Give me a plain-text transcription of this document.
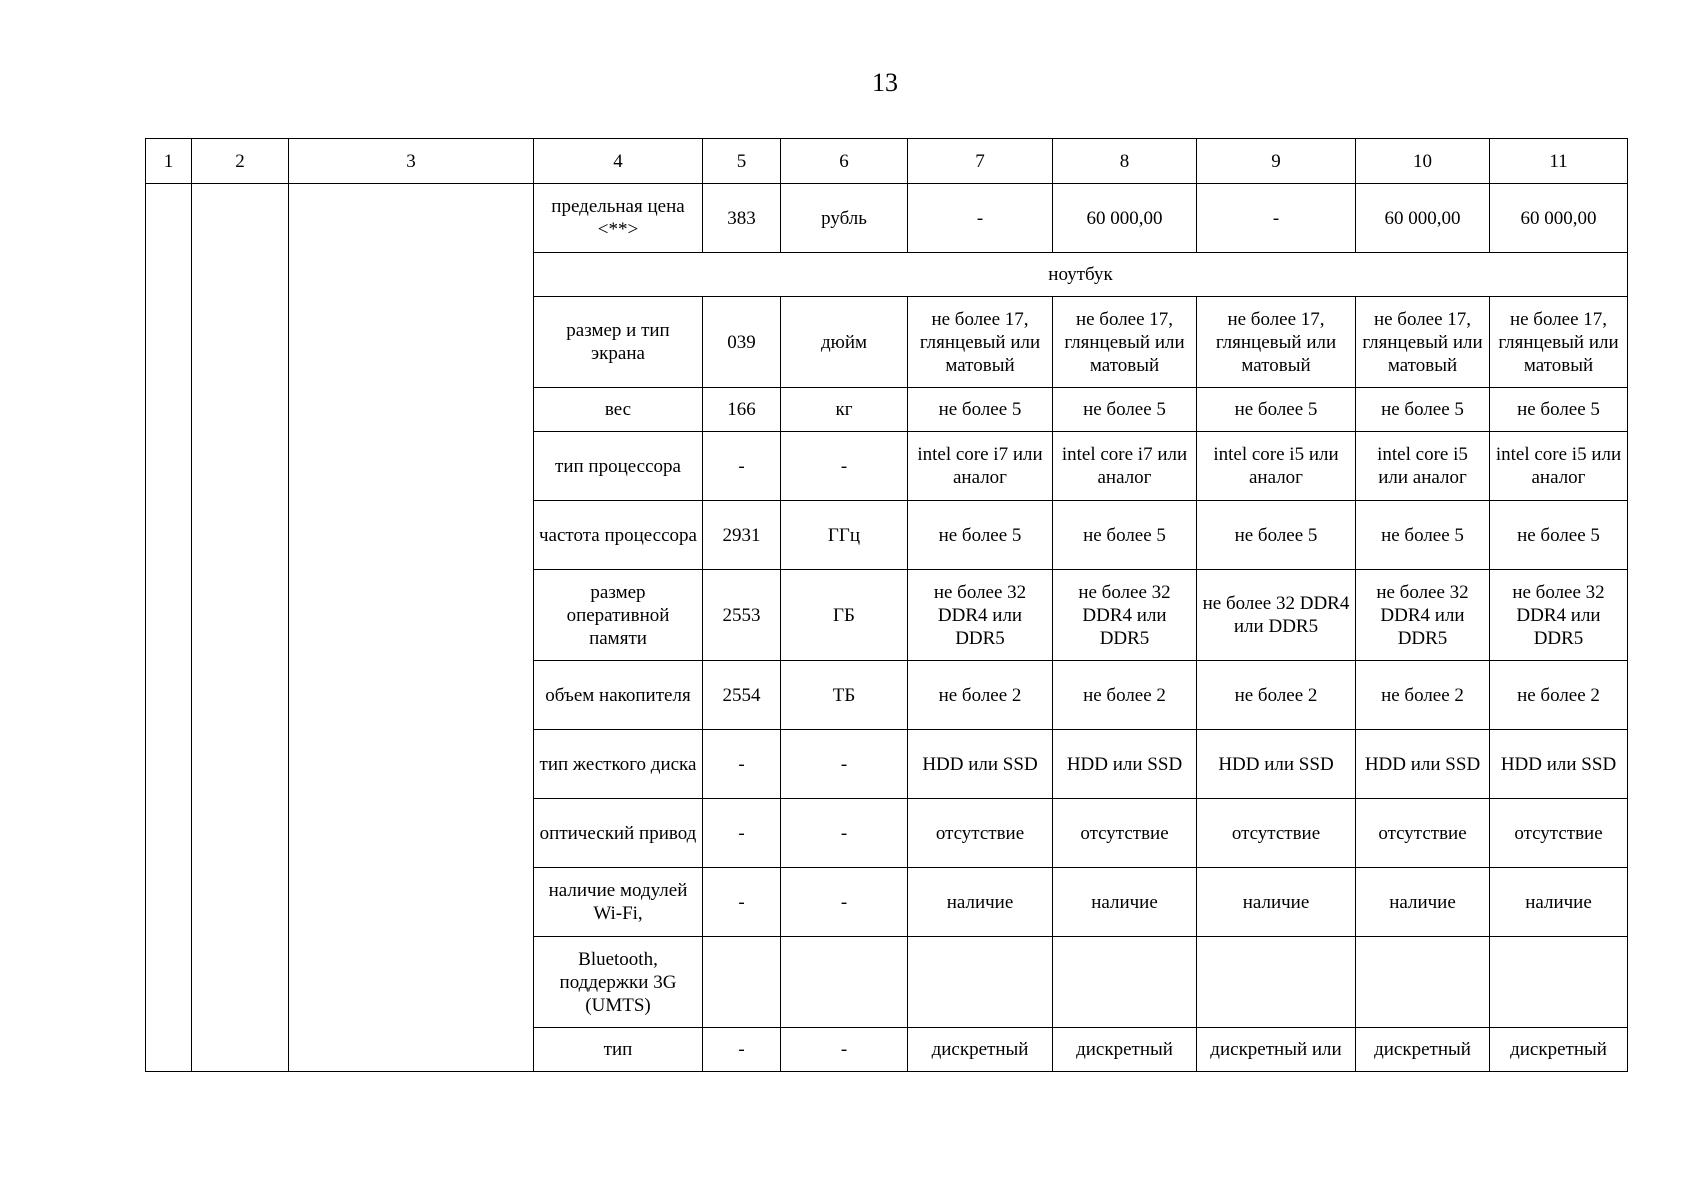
13
1	2	3	4	5	6	7	8	9	10	11
			предельная цена <**>	383	рубль	-	60 000,00	-	60 000,00	60 000,00
			ноутбук							
			размер и тип экрана	039	дюйм	не более 17, глянцевый или матовый	не более 17, глянцевый или матовый	не более 17, глянцевый или матовый	не более 17, глянцевый или матовый	не более 17, глянцевый или матовый
			вес	166	кг	не более 5	не более 5	не более 5	не более 5	не более 5
			тип процессора	-	-	intel core i7 или аналог	intel core i7 или аналог	intel core i5 или аналог	intel core i5 или аналог	intel core i5 или аналог
			частота процессора	2931	ГГц	не более 5	не более 5	не более 5	не более 5	не более 5
			размер оперативной памяти	2553	ГБ	не более 32 DDR4 или DDR5	не более 32 DDR4 или DDR5	не более 32 DDR4 или DDR5	не более 32 DDR4 или DDR5	не более 32 DDR4 или DDR5
			объем накопителя	2554	ТБ	не более 2	не более 2	не более 2	не более 2	не более 2
			тип жесткого диска	-	-	HDD или SSD	HDD или SSD	HDD или SSD	HDD или SSD	HDD или SSD
			оптический привод	-	-	отсутствие	отсутствие	отсутствие	отсутствие	отсутствие
			наличие модулей Wi-Fi,	-	-	наличие	наличие	наличие	наличие	наличие
			Bluetooth, поддержки 3G (UMTS)							
			тип	-	-	дискретный	дискретный	дискретный или	дискретный	дискретный
